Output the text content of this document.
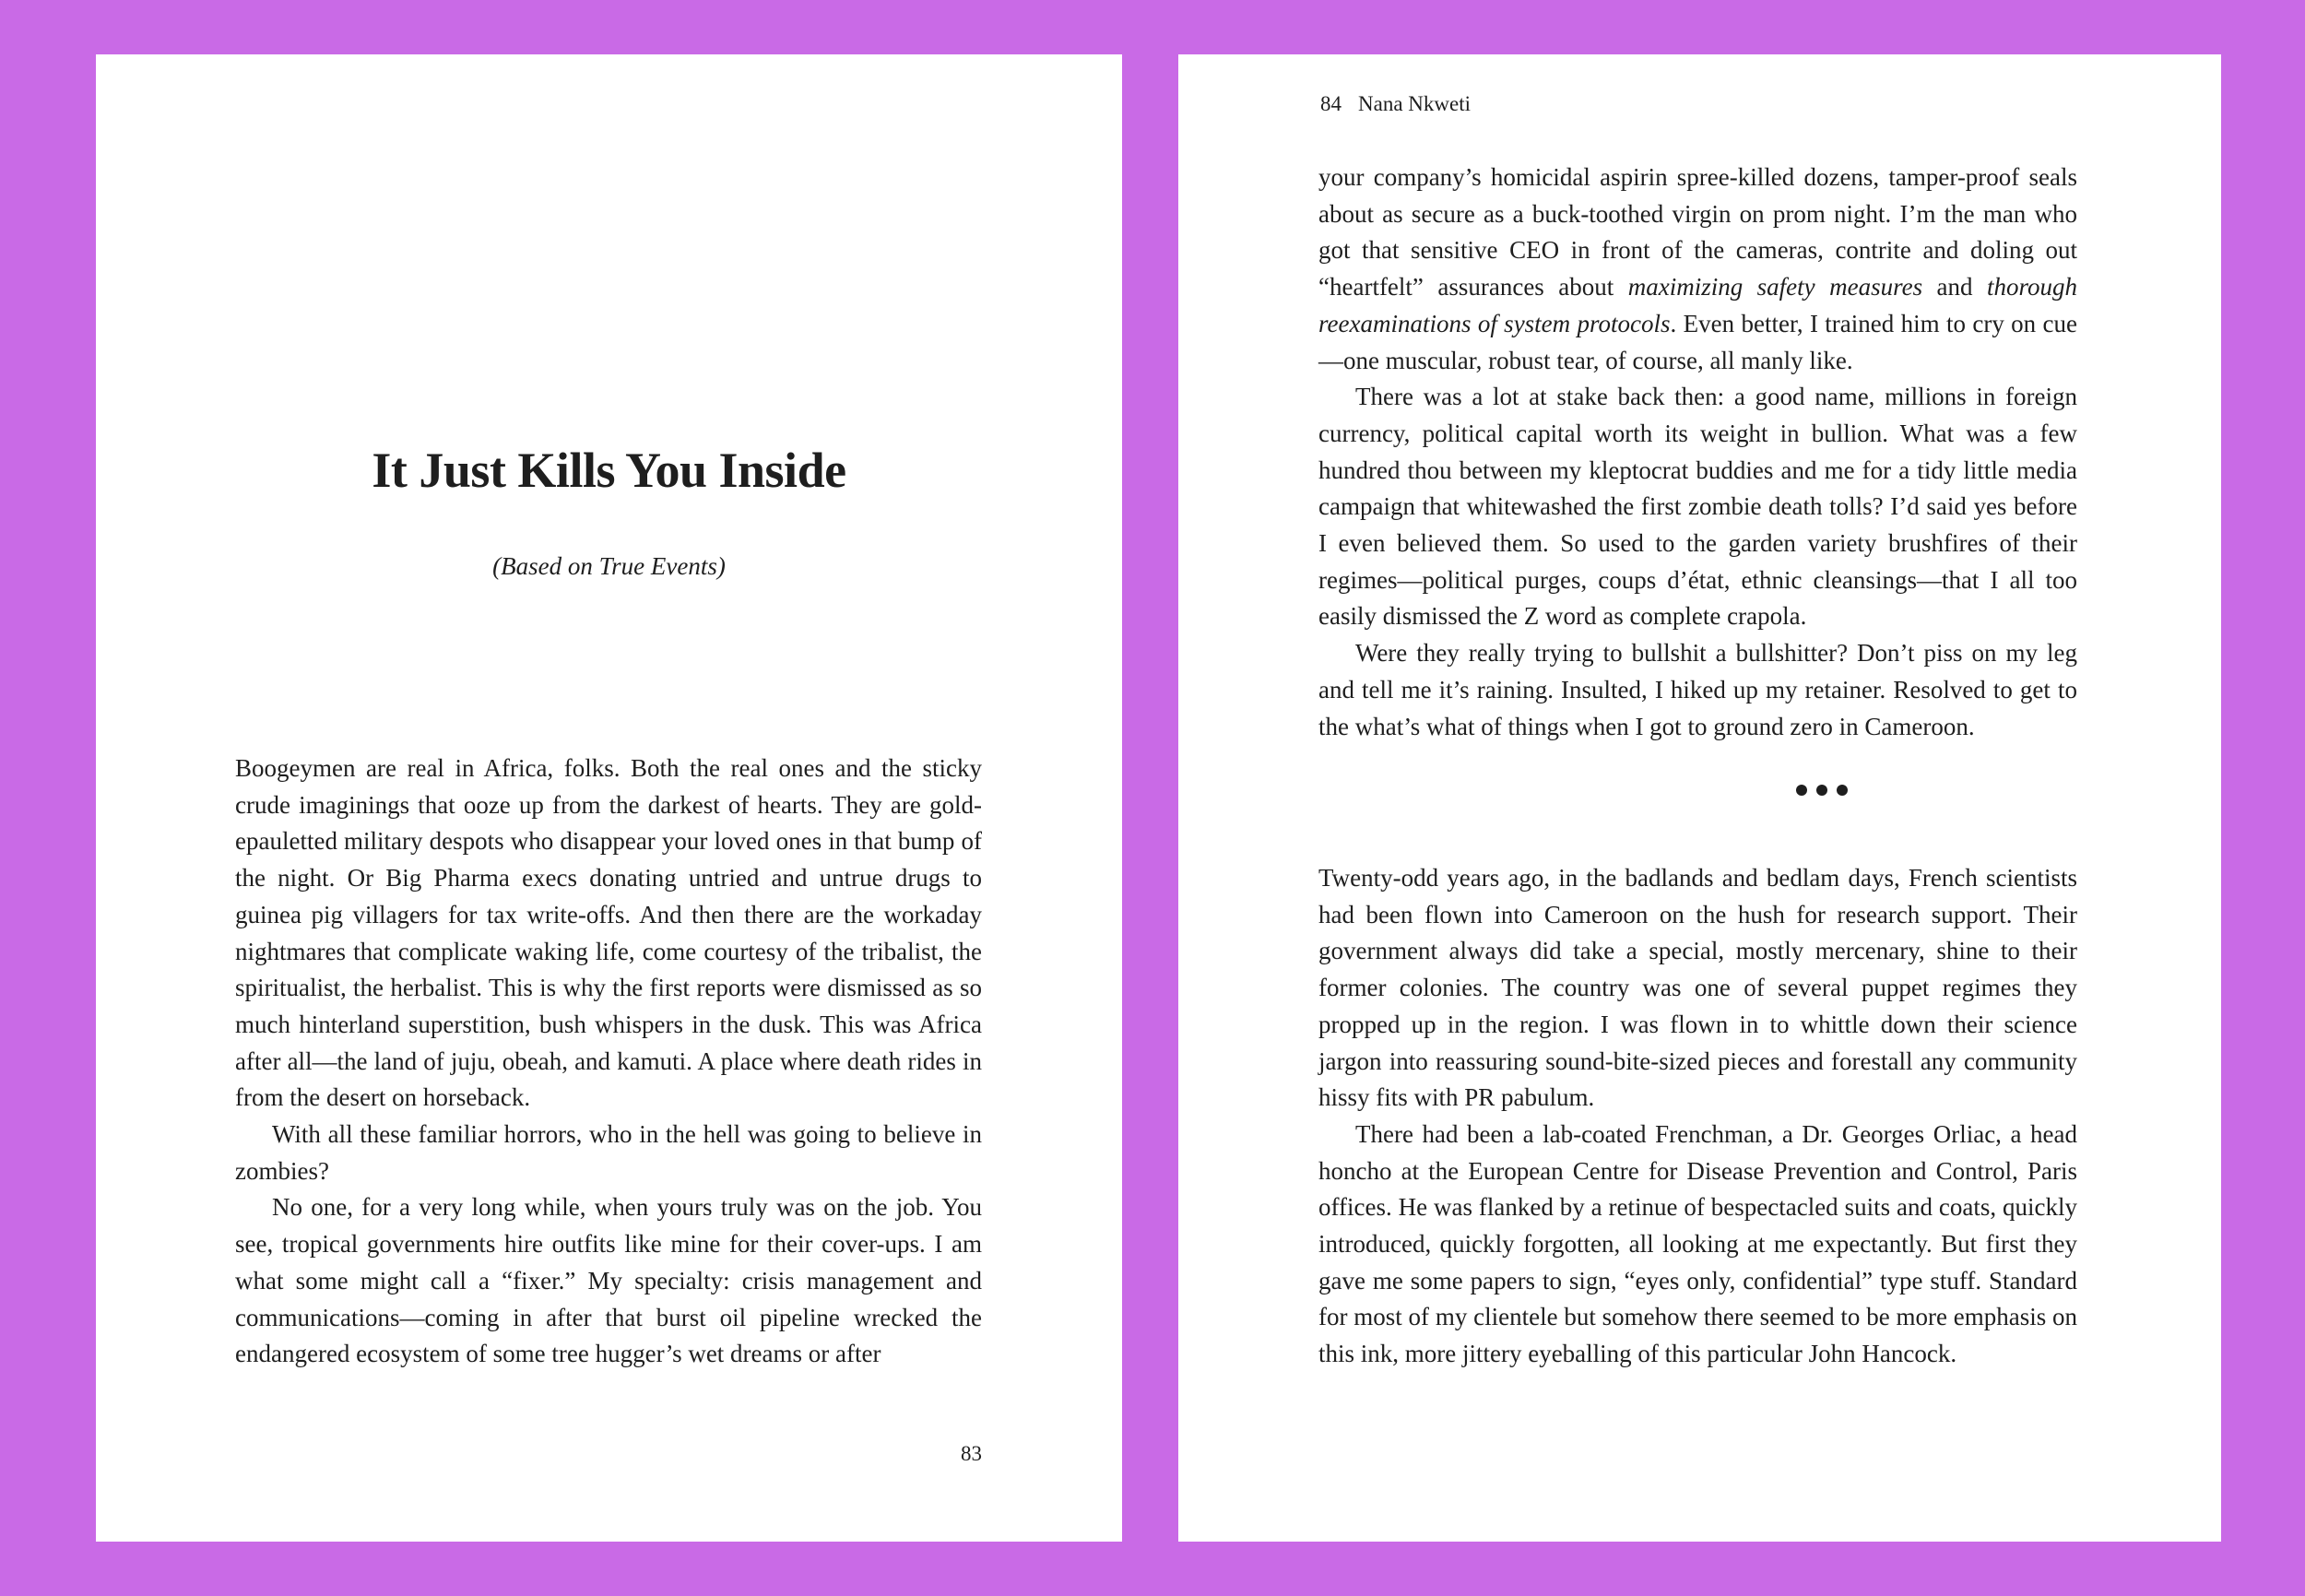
It Just Kills You Inside
(Based on True Events)

Boogeymen are real in Africa, folks. Both the real ones and the sticky crude imaginings that ooze up from the darkest of hearts. They are gold-epauletted military despots who disappear your loved ones in that bump of the night. Or Big Pharma execs donating untried and untrue drugs to guinea pig villagers for tax write-offs. And then there are the workaday nightmares that complicate waking life, come courtesy of the tribalist, the spiritualist, the herbalist. This is why the first reports were dismissed as so much hinterland superstition, bush whispers in the dusk. This was Africa after all—the land of juju, obeah, and kamuti. A place where death rides in from the desert on horseback.

With all these familiar horrors, who in the hell was going to believe in zombies?

No one, for a very long while, when yours truly was on the job. You see, tropical governments hire outfits like mine for their cover-ups. I am what some might call a “fixer.” My specialty: crisis management and communications—coming in after that burst oil pipeline wrecked the endangered ecosystem of some tree hugger’s wet dreams or after

83
84 Nana Nkweti

your company’s homicidal aspirin spree-killed dozens, tamper-proof seals about as secure as a buck-toothed virgin on prom night. I’m the man who got that sensitive CEO in front of the cameras, contrite and doling out “heartfelt” assurances about maximizing safety measures and thorough reexaminations of system protocols. Even better, I trained him to cry on cue—one muscular, robust tear, of course, all manly like.

There was a lot at stake back then: a good name, millions in foreign currency, political capital worth its weight in bullion. What was a few hundred thou between my kleptocrat buddies and me for a tidy little media campaign that whitewashed the first zombie death tolls? I’d said yes before I even believed them. So used to the garden variety brushfires of their regimes—political purges, coups d’état, ethnic cleansings—that I all too easily dismissed the Z word as complete crapola.

Were they really trying to bullshit a bullshitter? Don’t piss on my leg and tell me it’s raining. Insulted, I hiked up my retainer. Resolved to get to the what’s what of things when I got to ground zero in Cameroon.

Twenty-odd years ago, in the badlands and bedlam days, French scientists had been flown into Cameroon on the hush for research support. Their government always did take a special, mostly mercenary, shine to their former colonies. The country was one of several puppet regimes they propped up in the region. I was flown in to whittle down their science jargon into reassuring sound-bite-sized pieces and forestall any community hissy fits with PR pabulum.

There had been a lab-coated Frenchman, a Dr. Georges Orliac, a head honcho at the European Centre for Disease Prevention and Control, Paris offices. He was flanked by a retinue of bespectacled suits and coats, quickly introduced, quickly forgotten, all looking at me expectantly. But first they gave me some papers to sign, “eyes only, confidential” type stuff. Standard for most of my clientele but somehow there seemed to be more emphasis on this ink, more jittery eyeballing of this particular John Hancock.
